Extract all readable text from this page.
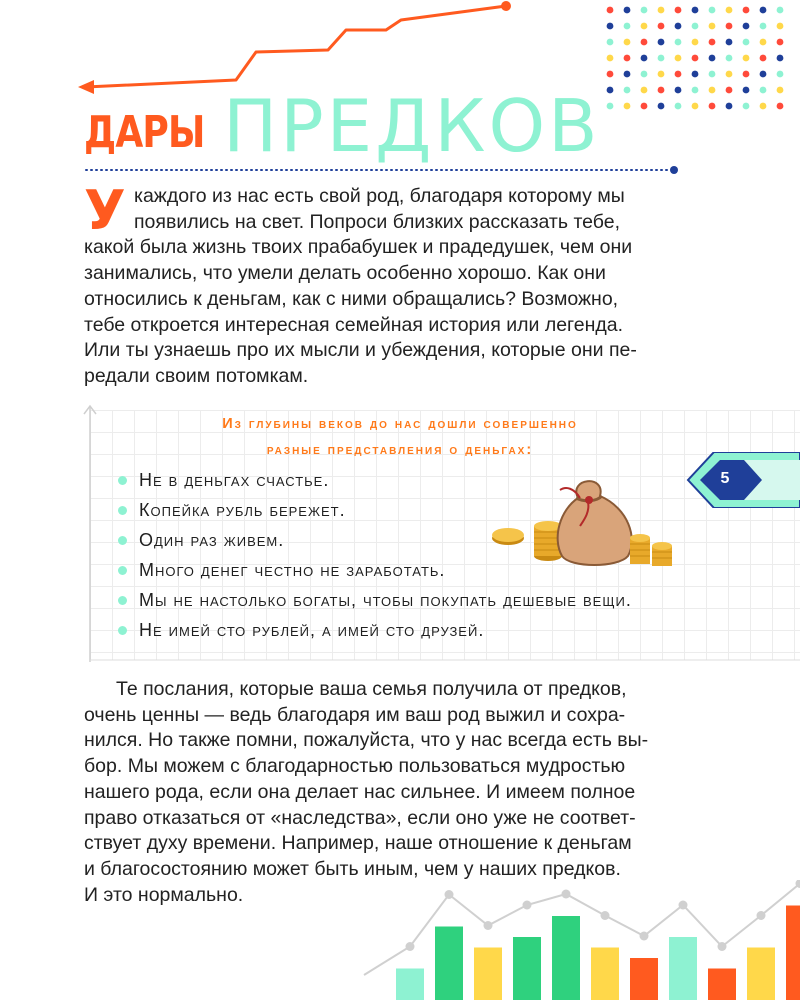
ДАРЫ ПРЕДКОВ
У каждого из нас есть свой род, благодаря которому мы
появились на свет. Попроси близких рассказать тебе,
какой была жизнь твоих прабабушек и прадедушек, чем они
занимались, что умели делать особенно хорошо. Как они
относились к деньгам, как с ними обращались? Возможно,
тебе откроется интересная семейная история или легенда.
Или ты узнаешь про их мысли и убеждения, которые они пе-
редали своим потомкам.
Из глубины веков до нас дошли совершенно
разные представления о деньгах:
Не в деньгах счастье.
Копейка рубль бережет.
Один раз живем.
Много денег честно не заработать.
Мы не настолько богаты, чтобы покупать дешевые вещи.
Не имей сто рублей, а имей сто друзей.
5
Те послания, которые ваша семья получила от предков,
очень ценны — ведь благодаря им ваш род выжил и сохра-
нился. Но также помни, пожалуйста, что у нас всегда есть вы-
бор. Мы можем с благодарностью пользоваться мудростью
нашего рода, если она делает нас сильнее. И имеем полное
право отказаться от «наследства», если оно уже не соответ-
ствует духу времени. Например, наше отношение к деньгам
и благосостоянию может быть иным, чем у наших предков.
И это нормально.
